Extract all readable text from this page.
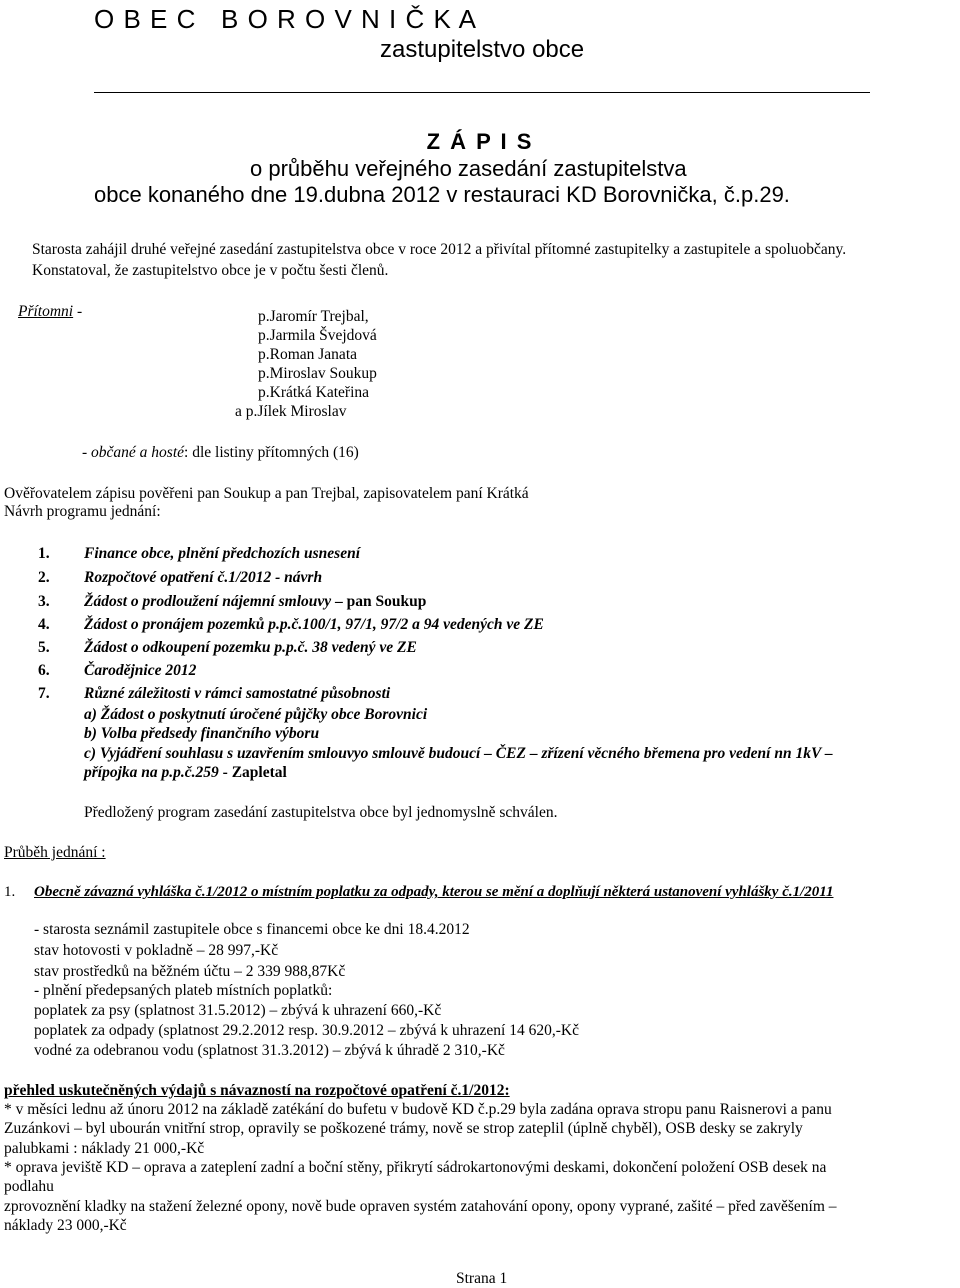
O B E C   B O R O V N I Č K A
zastupitelstvo obce
Z Á P I S
o průběhu veřejného zasedání zastupitelstva
obce konaného dne 19.dubna 2012 v restauraci KD Borovnička, č.p.29.
Starosta zahájil druhé veřejné zasedání zastupitelstva obce v roce 2012 a přivítal přítomné zastupitelky a zastupitele a spoluobčany.
Konstatoval, že zastupitelstvo obce je v počtu šesti členů.
Přítomni -	p.Jaromír Trejbal,
p.Jarmila Švejdová
p.Roman Janata
p.Miroslav Soukup
p.Krátká Kateřina
a p.Jílek Miroslav
- občané a hosté: dle listiny přítomných (16)
Ověřovatelem zápisu pověřeni pan Soukup a pan Trejbal, zapisovatelem paní Krátká
Návrh programu jednání:
1. Finance obce, plnění předchozích usnesení
2. Rozpočtové opatření č.1/2012 - návrh
3. Žádost o prodloužení nájemní smlouvy – pan Soukup
4. Žádost o pronájem pozemků p.p.č.100/1, 97/1, 97/2 a 94 vedených ve ZE
5. Žádost o odkoupení pozemku p.p.č. 38 vedený ve ZE
6. Čarodějnice 2012
7. Různé záležitosti v rámci samostatné působnosti
a) Žádost o poskytnutí úročené půjčky obce Borovnici
b) Volba předsedy finančního výboru
c) Vyjádření souhlasu s uzavřením smlouvyo smlouvě budoucí – ČEZ – zřízení věcného břemena pro vedení nn 1kV –
přípojka na p.p.č.259 - Zapletal
Předložený program zasedání zastupitelstva obce byl jednomyslně schválen.
Průběh jednání :
1. Obecně závazná vyhláška č.1/2012 o místním poplatku za odpady, kterou se mění a doplňují některá ustanovení vyhlášky č.1/2011
- starosta seznámil zastupitele obce s financemi obce ke dni 18.4.2012
stav hotovosti v pokladně – 28 997,-Kč
stav prostředků na běžném účtu – 2 339 988,87Kč
- plnění předepsaných plateb místních poplatků:
poplatek za psy (splatnost 31.5.2012) – zbývá k uhrazení 660,-Kč
poplatek za odpady (splatnost 29.2.2012 resp. 30.9.2012 – zbývá k uhrazení 14 620,-Kč
vodné za odebranou vodu (splatnost 31.3.2012) – zbývá k úhradě 2 310,-Kč
přehled uskutečněných výdajů s návazností na rozpočtové opatření č.1/2012:
* v měsíci lednu až únoru 2012 na základě zatékání do bufetu v budově KD č.p.29 byla zadána oprava stropu panu Raisnerovi a panu
Zuzánkovi – byl ubourán vnitřní strop, opravily se poškozené trámy, nově se strop zateplil (úplně chyběl), OSB desky se zakryly
palubkami : náklady 21 000,-Kč
* oprava jeviště KD – oprava a zateplení zadní a boční stěny, přikrytí sádrokartonovými deskami, dokončení položení OSB desek na
podlahu
zprovoznění kladky na stažení železné opony, nově bude opraven systém zatahování opony, opony vyprané, zašité – před zavěšením –
náklady 23 000,-Kč
Strana 1
